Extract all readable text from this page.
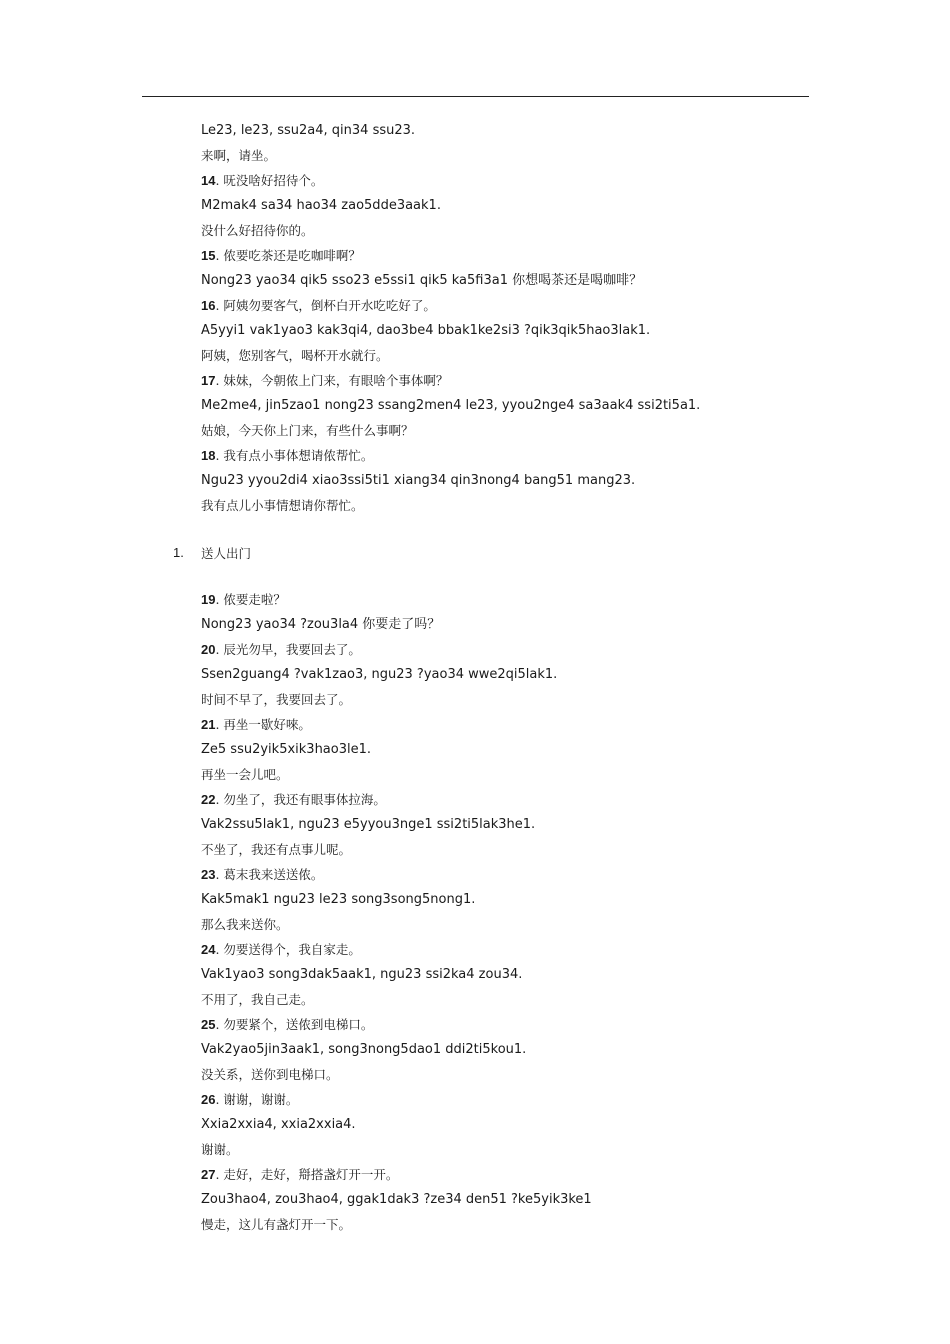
Le23, le23, ssu2a4, qin34 ssu23.
来啊，请坐。
14. 呒没啥好招待个。
M2mak4 sa34 hao34 zao5dde3aak1.
没什么好招待你的。
15. 侬要吃茶还是吃咖啡啊？
Nong23 yao34 qik5 sso23 e5ssi1 qik5 ka5fi3a1 你想喝茶还是喝咖啡？
16. 阿姨勿要客气，倒杯白开水吃吃好了。
A5yyi1 vak1yao3 kak3qi4, dao3be4 bbak1ke2si3 ?qik3qik5hao3lak1.
阿姨，您别客气，喝杯开水就行。
17. 妹妹，今朝侬上门来，有眼啥个事体啊？
Me2me4, jin5zao1 nong23 ssang2men4 le23, yyou2nge4 sa3aak4 ssi2ti5a1.
姑娘，今天你上门来，有些什么事啊？
18. 我有点小事体想请侬帮忙。
Ngu23 yyou2di4 xiao3ssi5ti1 xiang34 qin3nong4 bang51 mang23.
我有点儿小事情想请你帮忙。
1. 送人出门
19. 侬要走啦？
Nong23 yao34 ?zou3la4 你要走了吗？
20. 辰光勿早，我要回去了。
Ssen2guang4 ?vak1zao3, ngu23 ?yao34 wwe2qi5lak1.
时间不早了，我要回去了。
21. 再坐一歇好唻。
Ze5 ssu2yik5xik3hao3le1.
再坐一会儿吧。
22. 勿坐了，我还有眼事体拉海。
Vak2ssu5lak1, ngu23 e5yyou3nge1 ssi2ti5lak3he1.
不坐了，我还有点事儿呢。
23. 葛末我来送送侬。
Kak5mak1 ngu23 le23 song3song5nong1.
那么我来送你。
24. 勿要送得个，我自家走。
Vak1yao3 song3dak5aak1, ngu23 ssi2ka4 zou34.
不用了，我自己走。
25. 勿要紧个，送侬到电梯口。
Vak2yao5jin3aak1, song3nong5dao1 ddi2ti5kou1.
没关系，送你到电梯口。
26. 谢谢，谢谢。
Xxia2xxia4, xxia2xxia4.
谢谢。
27. 走好，走好，搿搭盏灯开一开。
Zou3hao4, zou3hao4, ggak1dak3 ?ze34 den51 ?ke5yik3ke1
慢走，这儿有盏灯开一下。
